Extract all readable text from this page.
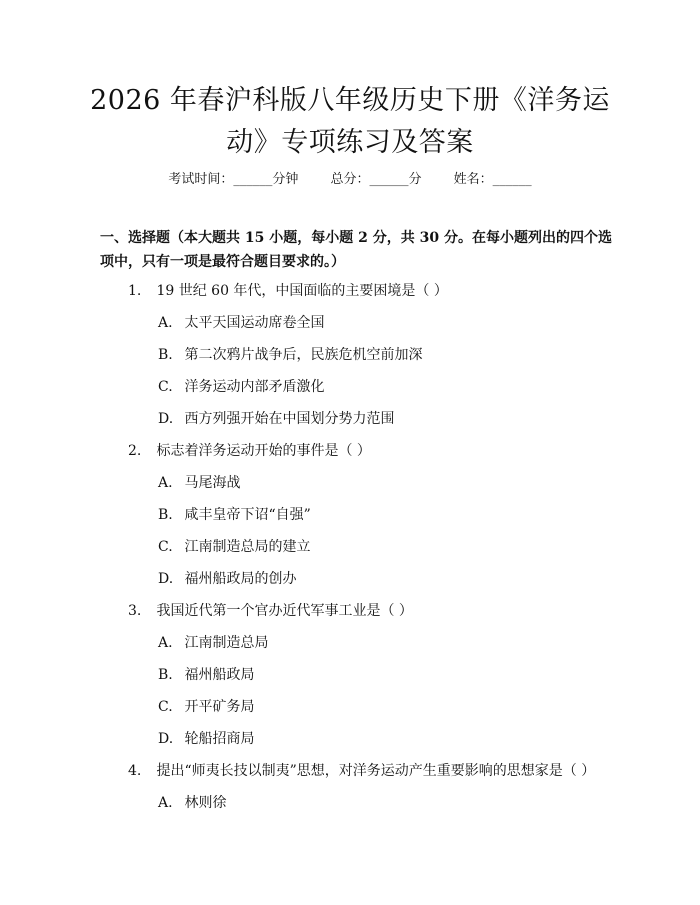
2026 年春沪科版八年级历史下册《洋务运
动》专项练习及答案
考试时间：______分钟 总分：______分 姓名：______
一、选择题（本大题共 15 小题，每小题 2 分，共 30 分。在每小题列出的四个选
项中，只有一项是最符合题目要求的。）
1. 19 世纪 60 年代，中国面临的主要困境是（ ）
A. 太平天国运动席卷全国
B. 第二次鸦片战争后，民族危机空前加深
C. 洋务运动内部矛盾激化
D. 西方列强开始在中国划分势力范围
2. 标志着洋务运动开始的事件是（ ）
A. 马尾海战
B. 咸丰皇帝下诏“自强”
C. 江南制造总局的建立
D. 福州船政局的创办
3. 我国近代第一个官办近代军事工业是（ ）
A. 江南制造总局
B. 福州船政局
C. 开平矿务局
D. 轮船招商局
4. 提出“师夷长技以制夷”思想，对洋务运动产生重要影响的思想家是（ ）
A. 林则徐
